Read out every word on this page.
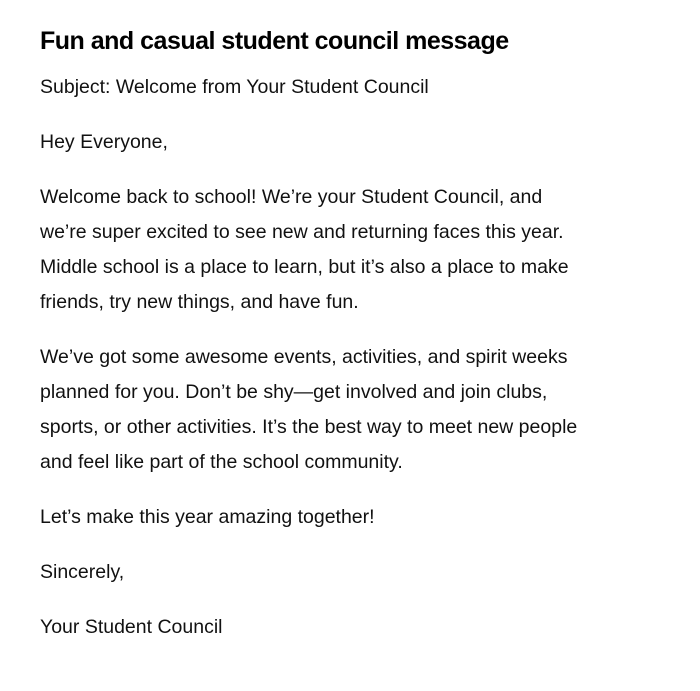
Fun and casual student council message

Subject: Welcome from Your Student Council

Hey Everyone,

Welcome back to school! We’re your Student Council, and
we’re super excited to see new and returning faces this year.
Middle school is a place to learn, but it’s also a place to make
friends, try new things, and have fun.

We’ve got some awesome events, activities, and spirit weeks
planned for you. Don’t be shy—get involved and join clubs,
sports, or other activities. It’s the best way to meet new people
and feel like part of the school community.

Let’s make this year amazing together!

Sincerely,

Your Student Council
